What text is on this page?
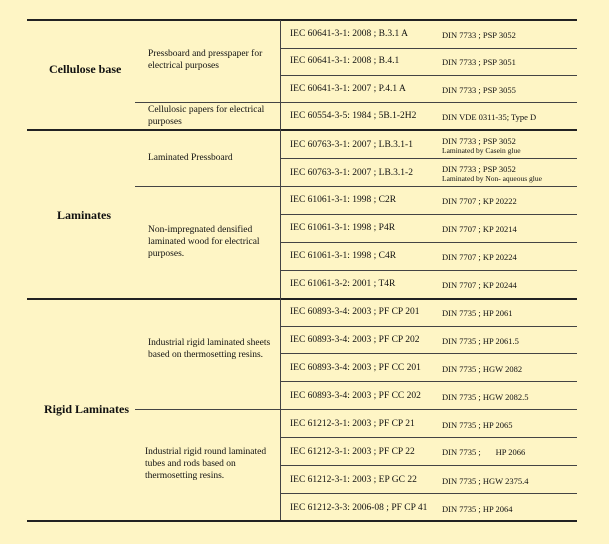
Cellulose base
Pressboard and presspaper for electrical purposes
IEC 60641-3-1: 2008 ; B.3.1 A	DIN 7733 ; PSP 3052
IEC 60641-3-1: 2008 ; B.4.1	DIN 7733 ; PSP 3051
IEC 60641-3-1: 2007 ; P.4.1 A	DIN 7733 ; PSP 3055
Cellulosic papers for electrical purposes
IEC 60554-3-5: 1984 ; 5B.1-2H2	DIN VDE 0311-35; Type D
Laminates
Laminated Pressboard
IEC 60763-3-1: 2007 ; LB.3.1-1	DIN 7733 ; PSP 3052
Laminated by Casein glue
IEC 60763-3-1: 2007 ; LB.3.1-2	DIN 7733 ; PSP 3052
Laminated by Non- aqueous glue
Non-impregnated densified laminated wood for electrical purposes.
IEC 61061-3-1: 1998 ; C2R	DIN 7707 ; KP 20222
IEC 61061-3-1: 1998 ; P4R	DIN 7707 ; KP 20214
IEC 61061-3-1: 1998 ; C4R	DIN 7707 ; KP 20224
IEC 61061-3-2: 2001 ; T4R	DIN 7707 ; KP 20244
Rigid Laminates
Industrial rigid laminated sheets based on thermosetting resins.
IEC 60893-3-4: 2003 ; PF CP 201	DIN 7735 ; HP 2061
IEC 60893-3-4: 2003 ; PF CP 202	DIN 7735 ; HP 2061.5
IEC 60893-3-4: 2003 ; PF CC 201 DIN 7735 ; HGW 2082
IEC 60893-3-4: 2003 ; PF CC 202 DIN 7735 ; HGW 2082.5
Industrial rigid round laminated tubes and rods based on thermosetting resins.
IEC 61212-3-1: 2003 ; PF CP 21	DIN 7735 ; HP 2065
IEC 61212-3-1: 2003 ; PF CP 22	DIN 7735 ;       HP 2066
IEC 61212-3-1: 2003 ; EP GC 22	DIN 7735 ; HGW 2375.4
IEC 61212-3-3: 2006-08 ; PF CP 41 DIN 7735 ; HP 2064
